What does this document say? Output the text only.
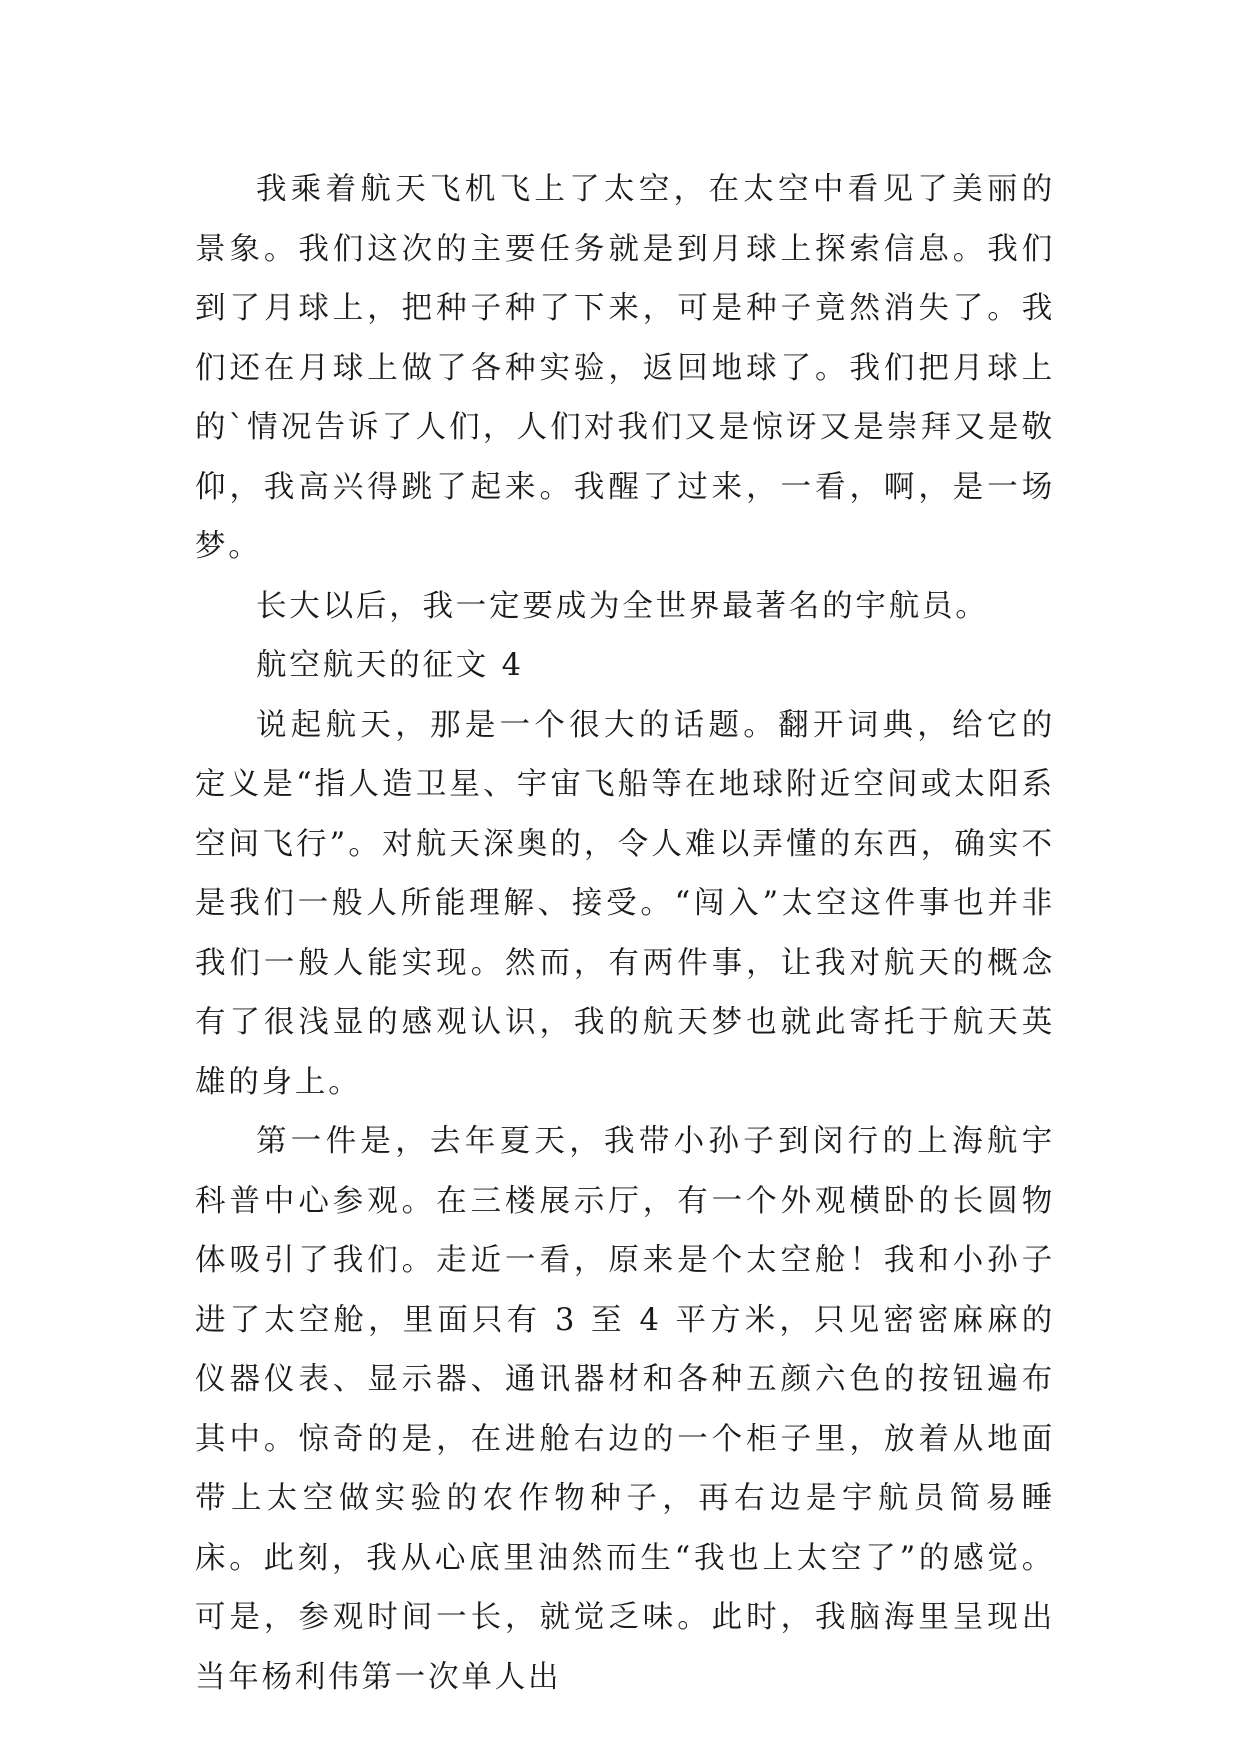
我乘着航天飞机飞上了太空，在太空中看见了美丽的景象。我们这次的主要任务就是到月球上探索信息。我们到了月球上，把种子种了下来，可是种子竟然消失了。我们还在月球上做了各种实验，返回地球了。我们把月球上的`情况告诉了人们，人们对我们又是惊讶又是崇拜又是敬仰，我高兴得跳了起来。我醒了过来，一看，啊，是一场梦。

长大以后，我一定要成为全世界最著名的宇航员。

航空航天的征文 4

说起航天，那是一个很大的话题。翻开词典，给它的定义是“指人造卫星、宇宙飞船等在地球附近空间或太阳系空间飞行”。对航天深奥的，令人难以弄懂的东西，确实不是我们一般人所能理解、接受。“闯入”太空这件事也并非我们一般人能实现。然而，有两件事，让我对航天的概念有了很浅显的感观认识，我的航天梦也就此寄托于航天英雄的身上。

第一件是，去年夏天，我带小孙子到闵行的上海航宇科普中心参观。在三楼展示厅，有一个外观横卧的长圆物体吸引了我们。走近一看，原来是个太空舱！我和小孙子进了太空舱，里面只有 3 至 4 平方米，只见密密麻麻的仪器仪表、显示器、通讯器材和各种五颜六色的按钮遍布其中。惊奇的是，在进舱右边的一个柜子里，放着从地面带上太空做实验的农作物种子，再右边是宇航员简易睡床。此刻，我从心底里油然而生“我也上太空了”的感觉。可是，参观时间一长，就觉乏味。此时，我脑海里呈现出当年杨利伟第一次单人出
